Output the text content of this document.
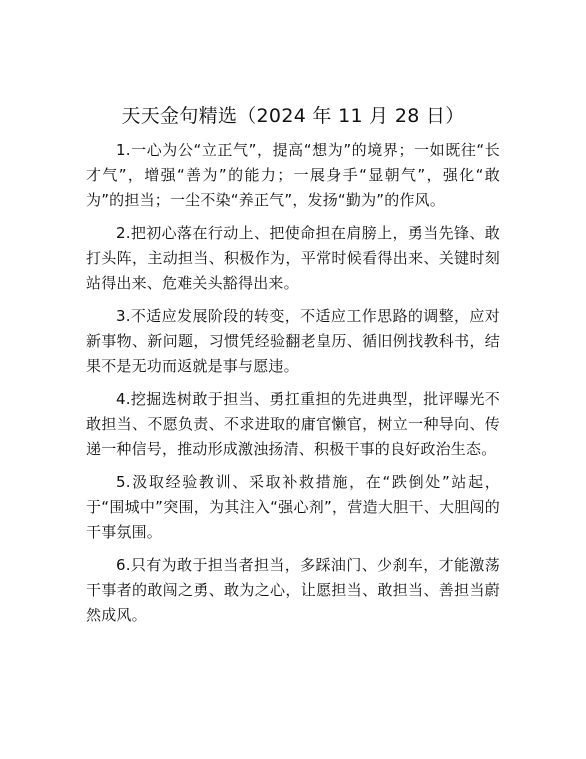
天天金句精选（2024 年 11 月 28 日）

1.一心为公“立正气”，提高“想为”的境界；一如既往“长才气”，增强“善为”的能力；一展身手“显朝气”，强化“敢为”的担当；一尘不染“养正气”，发扬“勤为”的作风。

2.把初心落在行动上、把使命担在肩膀上，勇当先锋、敢打头阵，主动担当、积极作为，平常时候看得出来、关键时刻站得出来、危难关头豁得出来。

3.不适应发展阶段的转变，不适应工作思路的调整，应对新事物、新问题，习惯凭经验翻老皇历、循旧例找教科书，结果不是无功而返就是事与愿违。

4.挖掘选树敢于担当、勇扛重担的先进典型，批评曝光不敢担当、不愿负责、不求进取的庸官懒官，树立一种导向、传递一种信号，推动形成激浊扬清、积极干事的良好政治生态。

5.汲取经验教训、采取补救措施，在“跌倒处”站起，于“围城中”突围，为其注入“强心剂”，营造大胆干、大胆闯的干事氛围。

6.只有为敢于担当者担当，多踩油门、少刹车，才能激荡干事者的敢闯之勇、敢为之心，让愿担当、敢担当、善担当蔚然成风。
